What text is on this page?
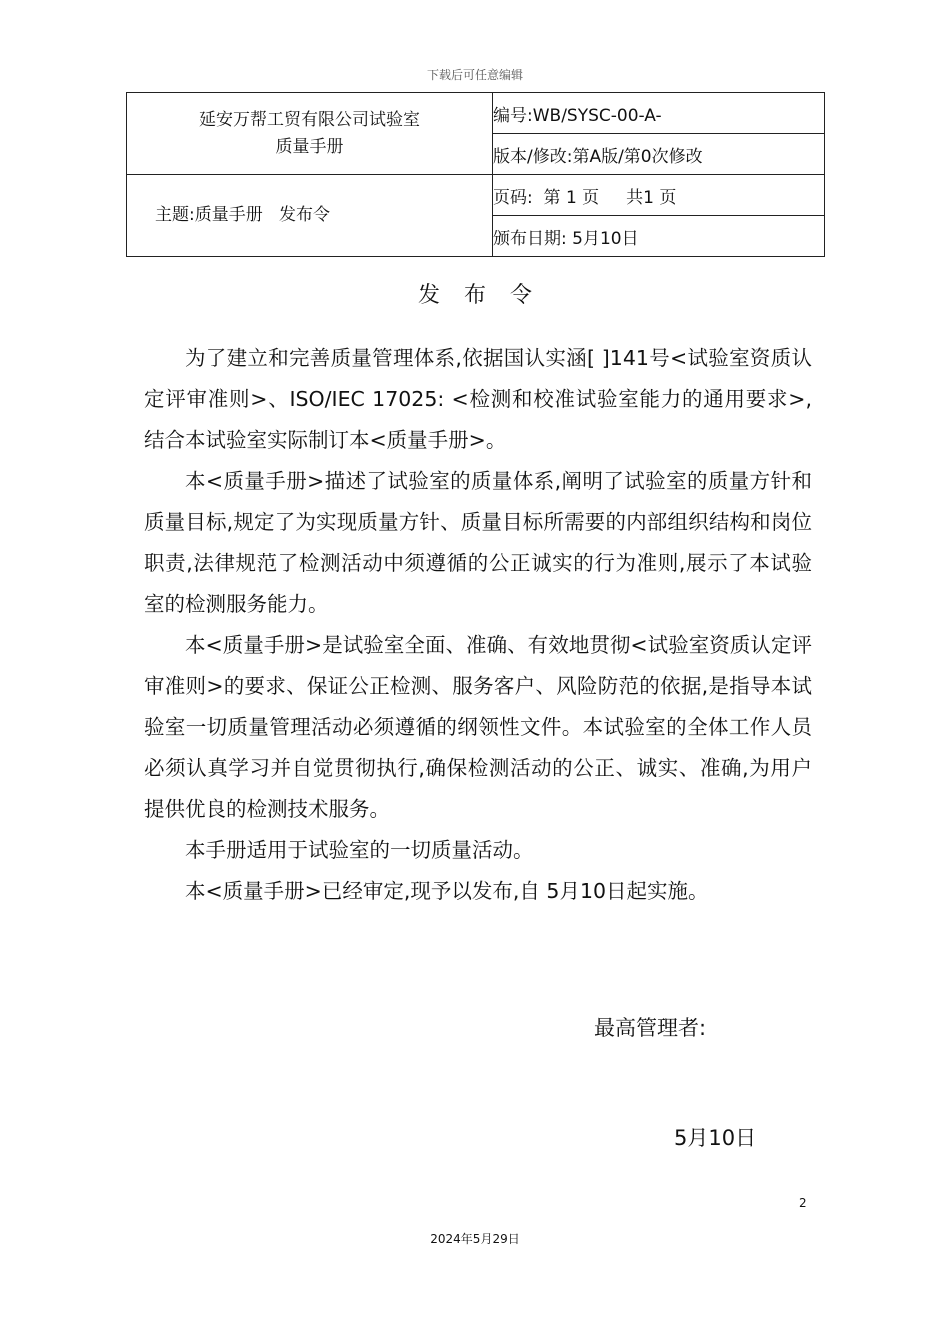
下载后可任意编辑
延安万帮工贸有限公司试验室
质量手册	编号:WB/SYSC-00-A-
	版本/修改:第A版/第0次修改
主题:质量手册   发布令	页码:  第 1 页     共1 页
	颁布日期: 5月10日
发布令

为了建立和完善质量管理体系,依据国认实涵[ ]141号<试验室资质认定评审准则>、ISO/IEC 17025: <检测和校准试验室能力的通用要求>,结合本试验室实际制订本<质量手册>。

本<质量手册>描述了试验室的质量体系,阐明了试验室的质量方针和质量目标,规定了为实现质量方针、质量目标所需要的内部组织结构和岗位职责,法律规范了检测活动中须遵循的公正诚实的行为准则,展示了本试验室的检测服务能力。

本<质量手册>是试验室全面、准确、有效地贯彻<试验室资质认定评审准则>的要求、保证公正检测、服务客户、风险防范的依据,是指导本试验室一切质量管理活动必须遵循的纲领性文件。本试验室的全体工作人员必须认真学习并自觉贯彻执行,确保检测活动的公正、诚实、准确,为用户提供优良的检测技术服务。

本手册适用于试验室的一切质量活动。

本<质量手册>已经审定,现予以发布,自 5月10日起实施。

最高管理者:
5月10日
2
2024年5月29日
